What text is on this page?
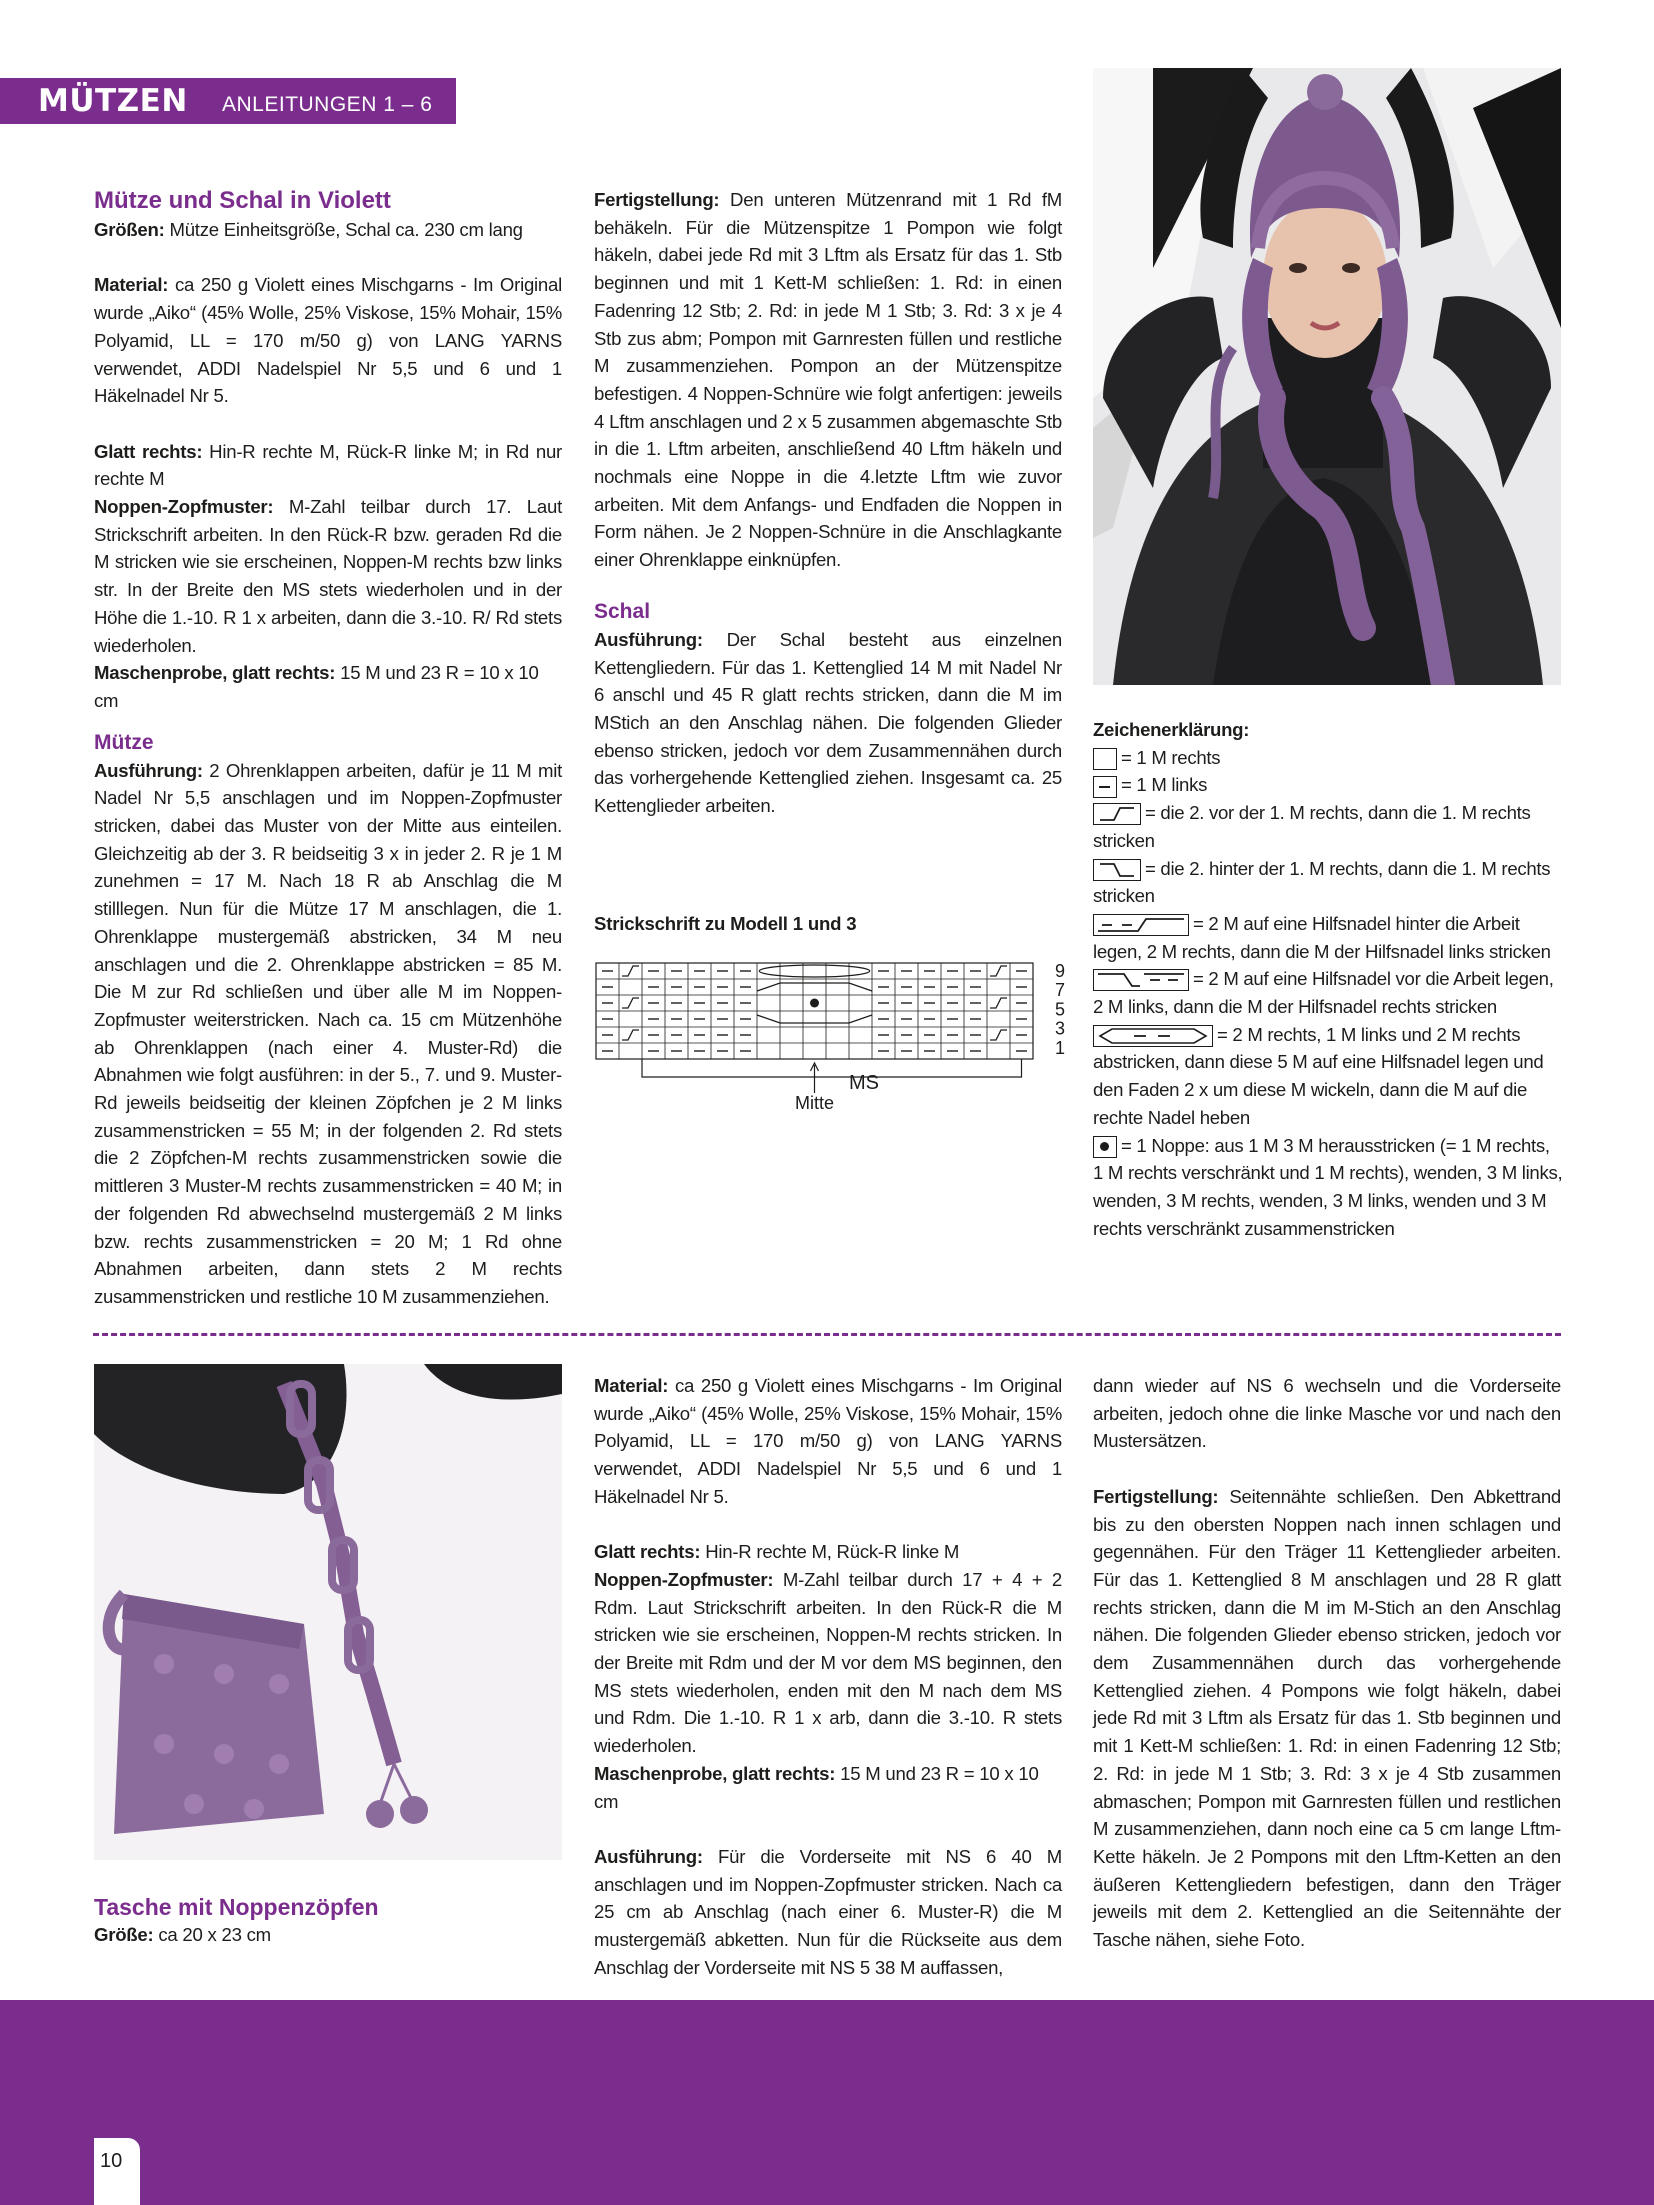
MÜTZEN ANLEITUNGEN 1 – 6
Mütze und Schal in Violett

Größen: Mütze Einheitsgröße, Schal ca. 230 cm lang

Material: ca 250 g Violett eines Mischgarns - Im Original wurde „Aiko“ (45% Wolle, 25% Viskose, 15% Mohair, 15% Polyamid, LL = 170 m/50 g) von LANG YARNS verwendet, ADDI Nadelspiel Nr 5,5 und 6 und 1 Häkelnadel Nr 5.

Glatt rechts: Hin-R rechte M, Rück-R linke M; in Rd nur rechte M

Noppen-Zopfmuster: M-Zahl teilbar durch 17. Laut Strickschrift arbeiten. In den Rück-R bzw. geraden Rd die M stricken wie sie erscheinen, Noppen-M rechts bzw links str. In der Breite den MS stets wiederholen und in der Höhe die 1.-10. R 1 x arbeiten, dann die 3.-10. R/ Rd stets wiederholen.

Maschenprobe, glatt rechts: 15 M und 23 R = 10 x 10 cm

Mütze

Ausführung: 2 Ohrenklappen arbeiten, dafür je 11 M mit Nadel Nr 5,5 anschlagen und im Noppen-Zopfmuster stricken, dabei das Muster von der Mitte aus einteilen. Gleichzeitig ab der 3. R beidseitig 3 x in jeder 2. R je 1 M zunehmen = 17 M. Nach 18 R ab Anschlag die M stilllegen. Nun für die Mütze 17 M anschlagen, die 1. Ohrenklappe mustergemäß abstricken, 34 M neu anschlagen und die 2. Ohrenklappe abstricken = 85 M. Die M zur Rd schließen und über alle M im Noppen-Zopfmuster weiterstricken. Nach ca. 15 cm Mützenhöhe ab Ohrenklappen (nach einer 4. Muster-Rd) die Abnahmen wie folgt ausführen: in der 5., 7. und 9. Muster-Rd jeweils beidseitig der kleinen Zöpfchen je 2 M links zusammenstricken = 55 M; in der folgenden 2. Rd stets die 2 Zöpfchen-M rechts zusammenstricken sowie die mittleren 3 Muster-M rechts zusammenstricken = 40 M; in der folgenden Rd abwechselnd mustergemäß 2 M links bzw. rechts zusammenstricken = 20 M; 1 Rd ohne Abnahmen arbeiten, dann stets 2 M rechts zusammenstricken und restliche 10 M zusammenziehen.

Fertigstellung: Den unteren Mützenrand mit 1 Rd fM behäkeln. Für die Mützenspitze 1 Pompon wie folgt häkeln, dabei jede Rd mit 3 Lftm als Ersatz für das 1. Stb beginnen und mit 1 Kett-M schließen: 1. Rd: in einen Fadenring 12 Stb; 2. Rd: in jede M 1 Stb; 3. Rd: 3 x je 4 Stb zus abm; Pompon mit Garnresten füllen und restliche M zusammenziehen. Pompon an der Mützenspitze befestigen. 4 Noppen-Schnüre wie folgt anfertigen: jeweils 4 Lftm anschlagen und 2 x 5 zusammen abgemaschte Stb in die 1. Lftm arbeiten, anschließend 40 Lftm häkeln und nochmals eine Noppe in die 4.letzte Lftm wie zuvor arbeiten. Mit dem Anfangs- und Endfaden die Noppen in Form nähen. Je 2 Noppen-Schnüre in die Anschlagkante einer Ohrenklappe einknüpfen.

Schal

Ausführung: Der Schal besteht aus einzelnen Kettengliedern. Für das 1. Kettenglied 14 M mit Nadel Nr 6 anschl und 45 R glatt rechts stricken, dann die M im MStich an den Anschlag nähen. Die folgenden Glieder ebenso stricken, jedoch vor dem Zusammennähen durch das vorhergehende Kettenglied ziehen. Insgesamt ca. 25 Kettenglieder arbeiten.

Strickschrift zu Modell 1 und 3
9
7
5
3
1
MS
Mitte

Zeichenerklärung:

= 1 M rechts

= 1 M links

= die 2. vor der 1. M rechts, dann die 1. M rechts stricken

= die 2. hinter der 1. M rechts, dann die 1. M rechts stricken

= 2 M auf eine Hilfsnadel hinter die Arbeit legen, 2 M rechts, dann die M der Hilfsnadel links stricken

= 2 M auf eine Hilfsnadel vor die Arbeit legen, 2 M links, dann die M der Hilfsnadel rechts stricken

= 2 M rechts, 1 M links und 2 M rechts abstricken, dann diese 5 M auf eine Hilfsnadel legen und den Faden 2 x um diese M wickeln, dann die M auf die rechte Nadel heben

= 1 Noppe: aus 1 M 3 M herausstricken (= 1 M rechts, 1 M rechts verschränkt und 1 M rechts), wenden, 3 M links, wenden, 3 M rechts, wenden, 3 M links, wenden und 3 M rechts verschränkt zusammenstricken

Tasche mit Noppenzöpfen

Größe: ca 20 x 23 cm

Material: ca 250 g Violett eines Mischgarns - Im Original wurde „Aiko“ (45% Wolle, 25% Viskose, 15% Mohair, 15% Polyamid, LL = 170 m/50 g) von LANG YARNS verwendet, ADDI Nadelspiel Nr 5,5 und 6 und 1 Häkelnadel Nr 5.

Glatt rechts: Hin-R rechte M, Rück-R linke M

Noppen-Zopfmuster: M-Zahl teilbar durch 17 + 4 + 2 Rdm. Laut Strickschrift arbeiten. In den Rück-R die M stricken wie sie erscheinen, Noppen-M rechts stricken. In der Breite mit Rdm und der M vor dem MS beginnen, den MS stets wiederholen, enden mit den M nach dem MS und Rdm. Die 1.-10. R 1 x arb, dann die 3.-10. R stets wiederholen.

Maschenprobe, glatt rechts: 15 M und 23 R = 10 x 10 cm

Ausführung: Für die Vorderseite mit NS 6 40 M anschlagen und im Noppen-Zopfmuster stricken. Nach ca 25 cm ab Anschlag (nach einer 6. Muster-R) die M mustergemäß abketten. Nun für die Rückseite aus dem Anschlag der Vorderseite mit NS 5 38 M auffassen,

dann wieder auf NS 6 wechseln und die Vorderseite arbeiten, jedoch ohne die linke Masche vor und nach den Mustersätzen.

Fertigstellung: Seitennähte schließen. Den Abkettrand bis zu den obersten Noppen nach innen schlagen und gegennähen. Für den Träger 11 Kettenglieder arbeiten. Für das 1. Kettenglied 8 M anschlagen und 28 R glatt rechts stricken, dann die M im M-Stich an den Anschlag nähen. Die folgenden Glieder ebenso stricken, jedoch vor dem Zusammennähen durch das vorhergehende Kettenglied ziehen. 4 Pompons wie folgt häkeln, dabei jede Rd mit 3 Lftm als Ersatz für das 1. Stb beginnen und mit 1 Kett-M schließen: 1. Rd: in einen Fadenring 12 Stb; 2. Rd: in jede M 1 Stb; 3. Rd: 3 x je 4 Stb zusammen abmaschen; Pompon mit Garnresten füllen und restlichen M zusammenziehen, dann noch eine ca 5 cm lange Lftm-Kette häkeln. Je 2 Pompons mit den Lftm-Ketten an den äußeren Kettengliedern befestigen, dann den Träger jeweils mit dem 2. Kettenglied an die Seitennähte der Tasche nähen, siehe Foto.

10
